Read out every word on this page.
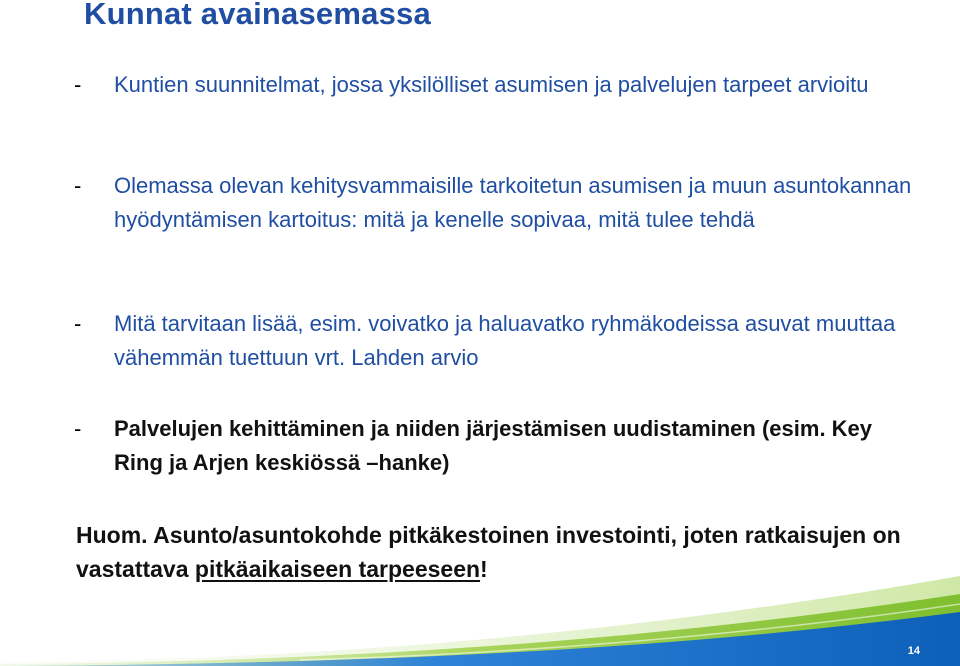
Kunnat avainasemassa
-	Kuntien suunnitelmat, jossa yksilölliset asumisen ja palvelujen tarpeet arvioitu
-	Olemassa olevan kehitysvammaisille tarkoitetun asumisen ja muun asuntokannan hyödyntämisen kartoitus: mitä ja kenelle sopivaa, mitä tulee tehdä
-	Mitä tarvitaan lisää, esim. voivatko ja haluavatko ryhmäkodeissa asuvat muuttaa vähemmän tuettuun vrt. Lahden arvio
-	Palvelujen kehittäminen ja niiden järjestämisen uudistaminen (esim. Key Ring ja Arjen keskiössä –hanke)

Huom. Asunto/asuntokohde pitkäkestoinen investointi, joten ratkaisujen on vastattava pitkäaikaiseen tarpeeseen!

14
